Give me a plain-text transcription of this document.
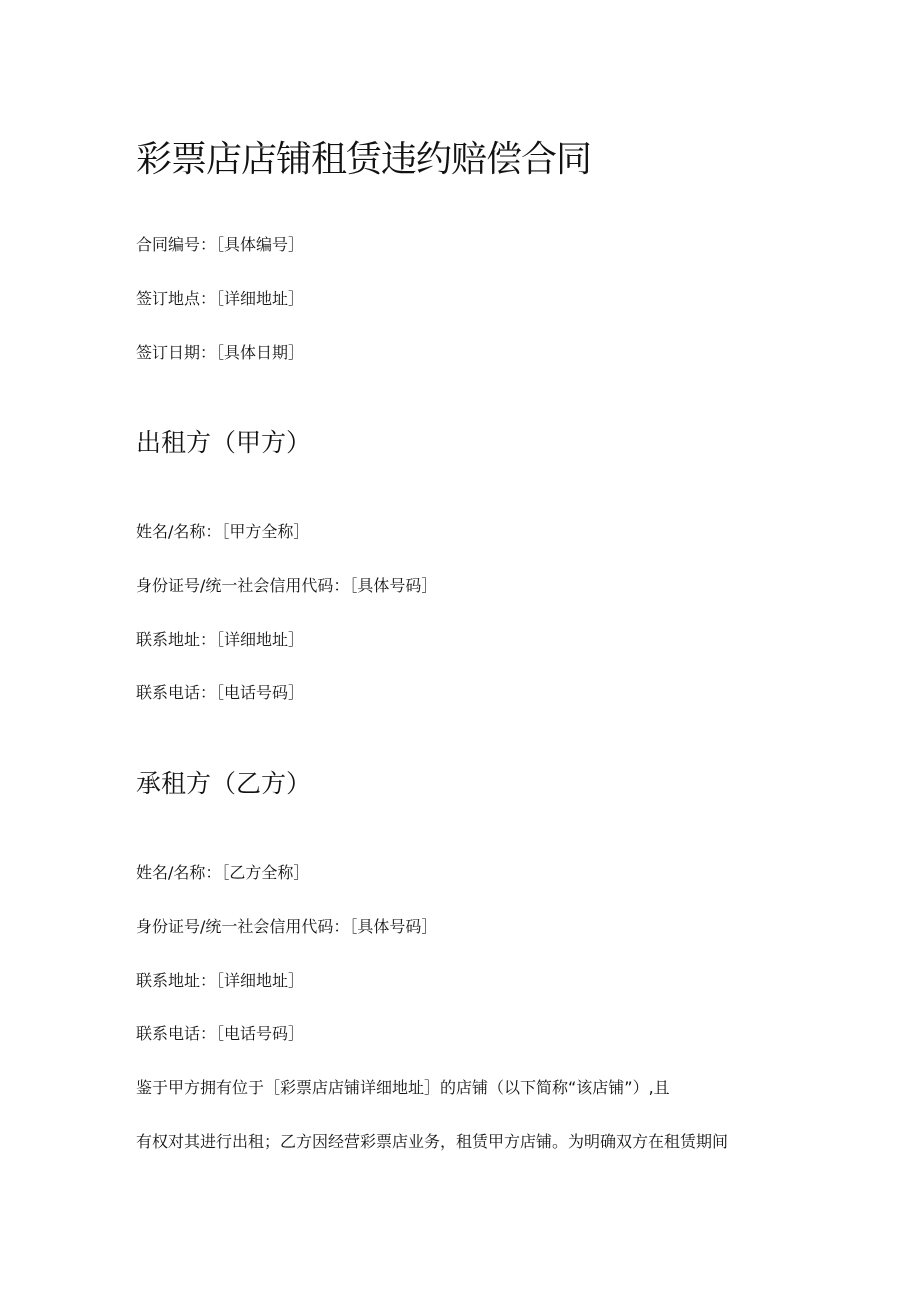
彩票店店铺租赁违约赔偿合同

合同编号：［具体编号］

签订地点：［详细地址］

签订日期：［具体日期］

出租方（甲方）

姓名/名称：［甲方全称］

身份证号/统一社会信用代码：［具体号码］

联系地址：［详细地址］

联系电话：［电话号码］

承租方（乙方）

姓名/名称：［乙方全称］

身份证号/统一社会信用代码：［具体号码］

联系地址：［详细地址］

联系电话：［电话号码］

鉴于甲方拥有位于［彩票店店铺详细地址］的店铺（以下简称“该店铺”）,且

有权对其进行出租；乙方因经营彩票店业务，租赁甲方店铺。为明确双方在租赁期间
